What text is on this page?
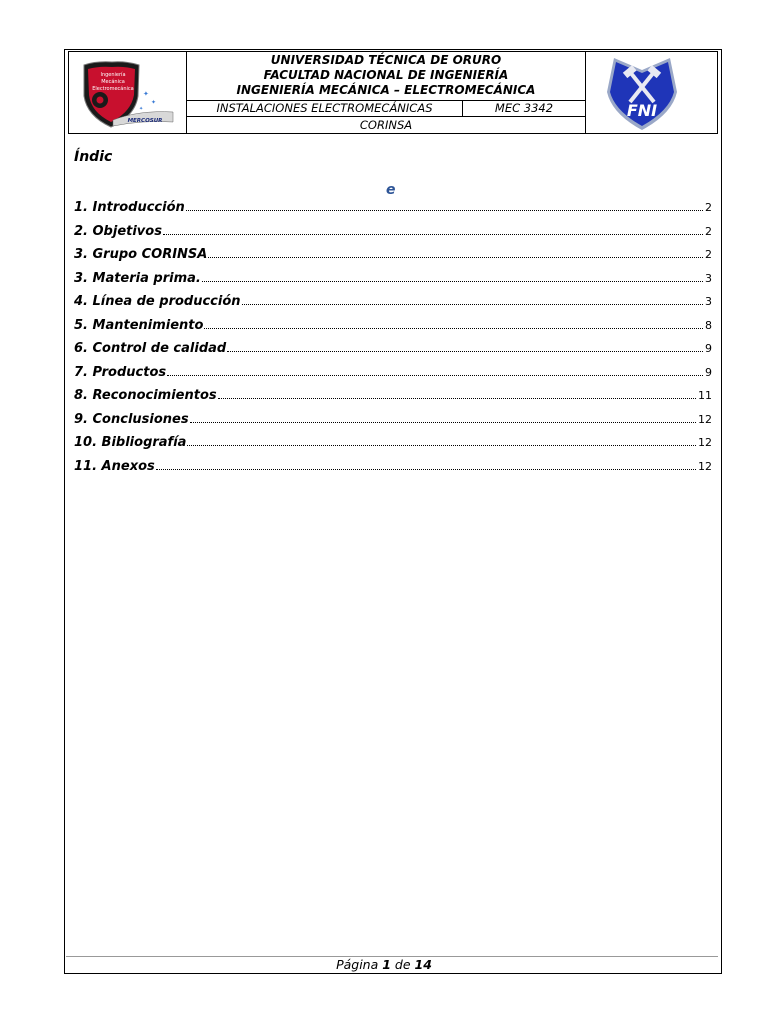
Ingeniería
Mecánica
Electromecánica
✦
✦
✦
MERCOSUR
UNIVERSIDAD TÉCNICA DE ORURO
FACULTAD NACIONAL DE INGENIERÍA
INGENIERÍA MECÁNICA – ELECTROMECÁNICA
INSTALACIONES ELECTROMECÁNICAS	MEC 3342
CORINSA
FNI
Índic
e
1. Introducción	2
2. Objetivos	2
3. Grupo CORINSA	2
3. Materia prima.	3
4. Línea de producción	3
5. Mantenimiento	8
6. Control de calidad	9
7. Productos	9
8. Reconocimientos	11
9. Conclusiones	12
10. Bibliografía	12
11. Anexos	12
Página 1 de 14
